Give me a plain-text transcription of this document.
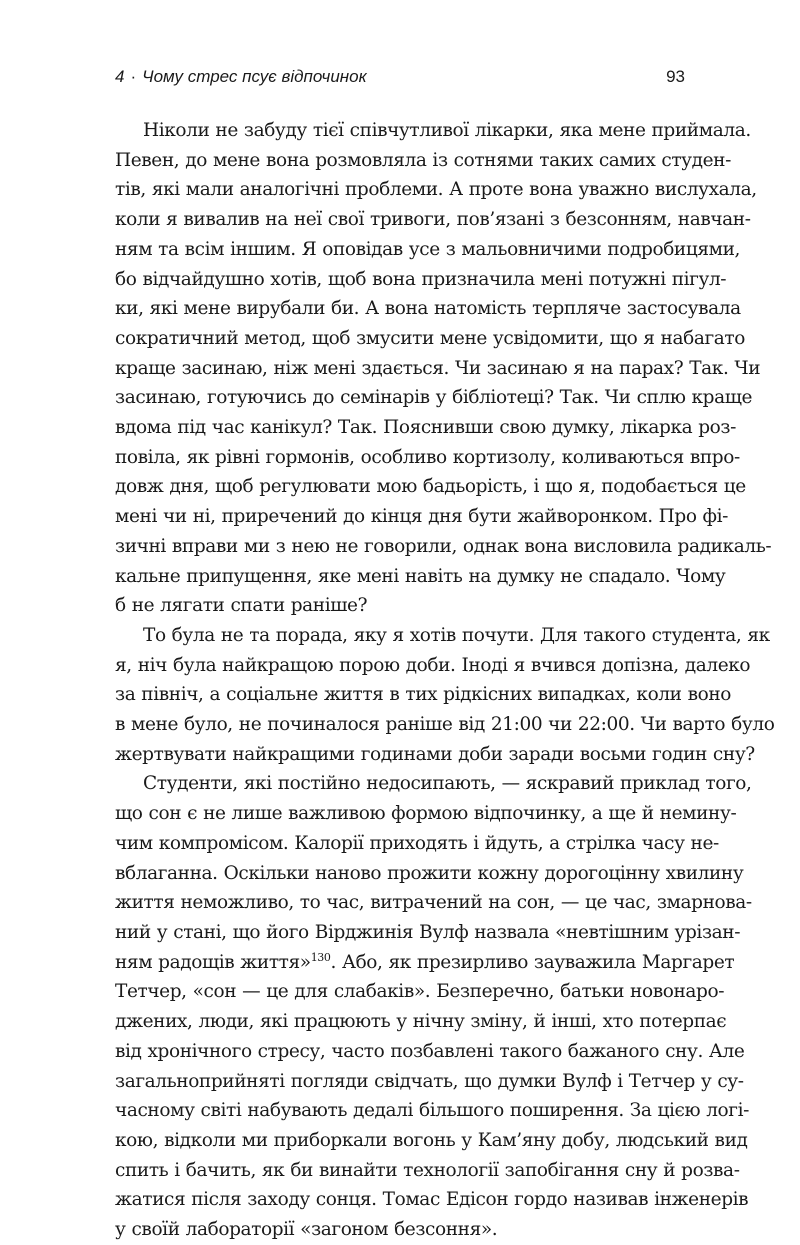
4 · Чому стрес псує відпочинок	93
Ніколи не забуду тієї співчутливої лікарки, яка мене приймала.
Певен, до мене вона розмовляла із сотнями таких самих студен-
тів, які мали аналогічні проблеми. А проте вона уважно вислухала,
коли я вивалив на неї свої тривоги, пов’язані з безсонням, навчан-
ням та всім іншим. Я оповідав усе з мальовничими подробицями,
бо відчайдушно хотів, щоб вона призначила мені потужні пігул-
ки, які мене вирубали би. А вона натомість терпляче застосувала
сократичний метод, щоб змусити мене усвідомити, що я набагато
краще засинаю, ніж мені здається. Чи засинаю я на парах? Так. Чи
засинаю, готуючись до семінарів у бібліотеці? Так. Чи сплю краще
вдома під час канікул? Так. Пояснивши свою думку, лікарка роз-
повіла, як рівні гормонів, особливо кортизолу, коливаються впро-
довж дня, щоб регулювати мою бадьорість, і що я, подобається це
мені чи ні, приречений до кінця дня бути жайворонком. Про фі-
зичні вправи ми з нею не говорили, однак вона висловила радикаль-
кальне припущення, яке мені навіть на думку не спадало. Чому
б не лягати спати раніше?
То була не та порада, яку я хотів почути. Для такого студента, як
я, ніч була найкращою порою доби. Іноді я вчився допізна, далеко
за північ, а соціальне життя в тих рідкісних випадках, коли воно
в мене було, не починалося раніше від 21:00 чи 22:00. Чи варто було
жертвувати найкращими годинами доби заради восьми годин сну?
Студенти, які постійно недосипають, — яскравий приклад того,
що сон є не лише важливою формою відпочинку, а ще й немину-
чим компромісом. Калорії приходять і йдуть, а стрілка часу не-
вблаганна. Оскільки наново прожити кожну дорогоцінну хвилину
життя неможливо, то час, витрачений на сон, — це час, змарнова-
ний у стані, що його Вірджинія Вулф назвала «невтішним урізан-
ням радощів життя»$^{130}$. Або, як презирливо зауважила Маргарет
Тетчер, «сон — це для слабаків». Безперечно, батьки новонаро-
джених, люди, які працюють у нічну зміну, й інші, хто потерпає
від хронічного стресу, часто позбавлені такого бажаного сну. Але
загальноприйняті погляди свідчать, що думки Вулф і Тетчер у су-
часному світі набувають дедалі більшого поширення. За цією логі-
кою, відколи ми приборкали вогонь у Кам’яну добу, людський вид
спить і бачить, як би винайти технології запобігання сну й розва-
жатися після заходу сонця. Томас Едісон гордо називав інженерів
у своїй лабораторії «загоном безсоння».
